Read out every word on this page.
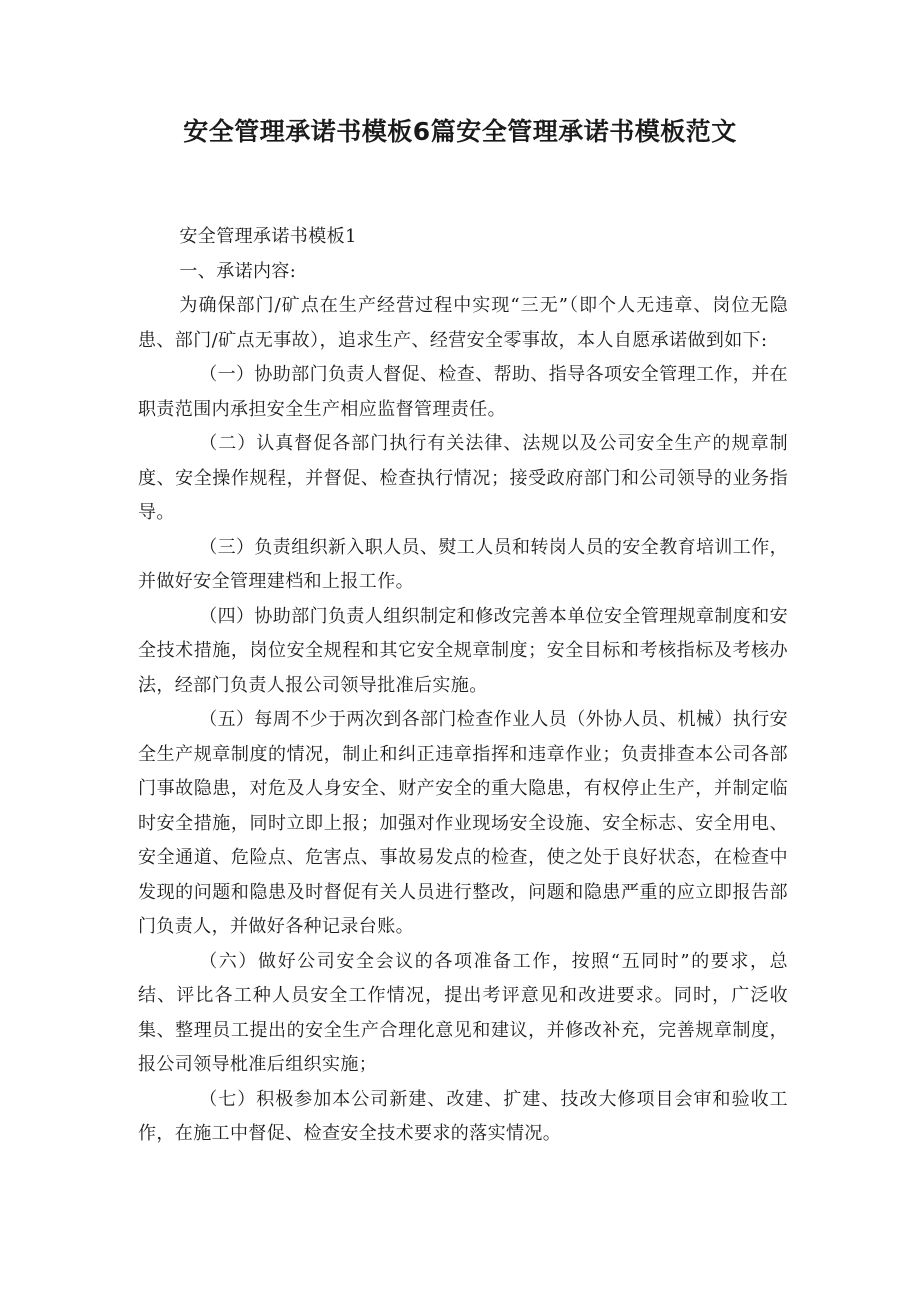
安全管理承诺书模板6篇安全管理承诺书模板范文

安全管理承诺书模板1

一、承诺内容:

为确保部门/矿点在生产经营过程中实现“三无”（即个人无违章、岗位无隐患、部门/矿点无事故），追求生产、经营安全零事故，本人自愿承诺做到如下:

（一）协助部门负责人督促、检查、帮助、指导各项安全管理工作，并在职责范围内承担安全生产相应监督管理责任。

（二）认真督促各部门执行有关法律、法规以及公司安全生产的规章制度、安全操作规程，并督促、检查执行情况；接受政府部门和公司领导的业务指导。

（三）负责组织新入职人员、熨工人员和转岗人员的安全教育培训工作，并做好安全管理建档和上报工作。

（四）协助部门负责人组织制定和修改完善本单位安全管理规章制度和安全技术措施，岗位安全规程和其它安全规章制度；安全目标和考核指标及考核办法，经部门负责人报公司领导批准后实施。

（五）每周不少于两次到各部门检查作业人员（外协人员、机械）执行安全生产规章制度的情况，制止和纠正违章指挥和违章作业；负责排查本公司各部门事故隐患，对危及人身安全、财产安全的重大隐患，有权停止生产，并制定临时安全措施，同时立即上报；加强对作业现场安全设施、安全标志、安全用电、安全通道、危险点、危害点、事故易发点的检查，使之处于良好状态，在检查中发现的问题和隐患及时督促有关人员进行整改，问题和隐患严重的应立即报告部门负责人，并做好各种记录台账。

（六）做好公司安全会议的各项准备工作，按照“五同时”的要求，总结、评比各工种人员安全工作情况，提出考评意见和改进要求。同时，广泛收集、整理员工提出的安全生产合理化意见和建议，并修改补充，完善规章制度，报公司领导枇准后组织实施；

（七）积极参加本公司新建、改建、扩建、技改大修项目会审和验收工作，在施工中督促、检查安全技术要求的落实情况。
